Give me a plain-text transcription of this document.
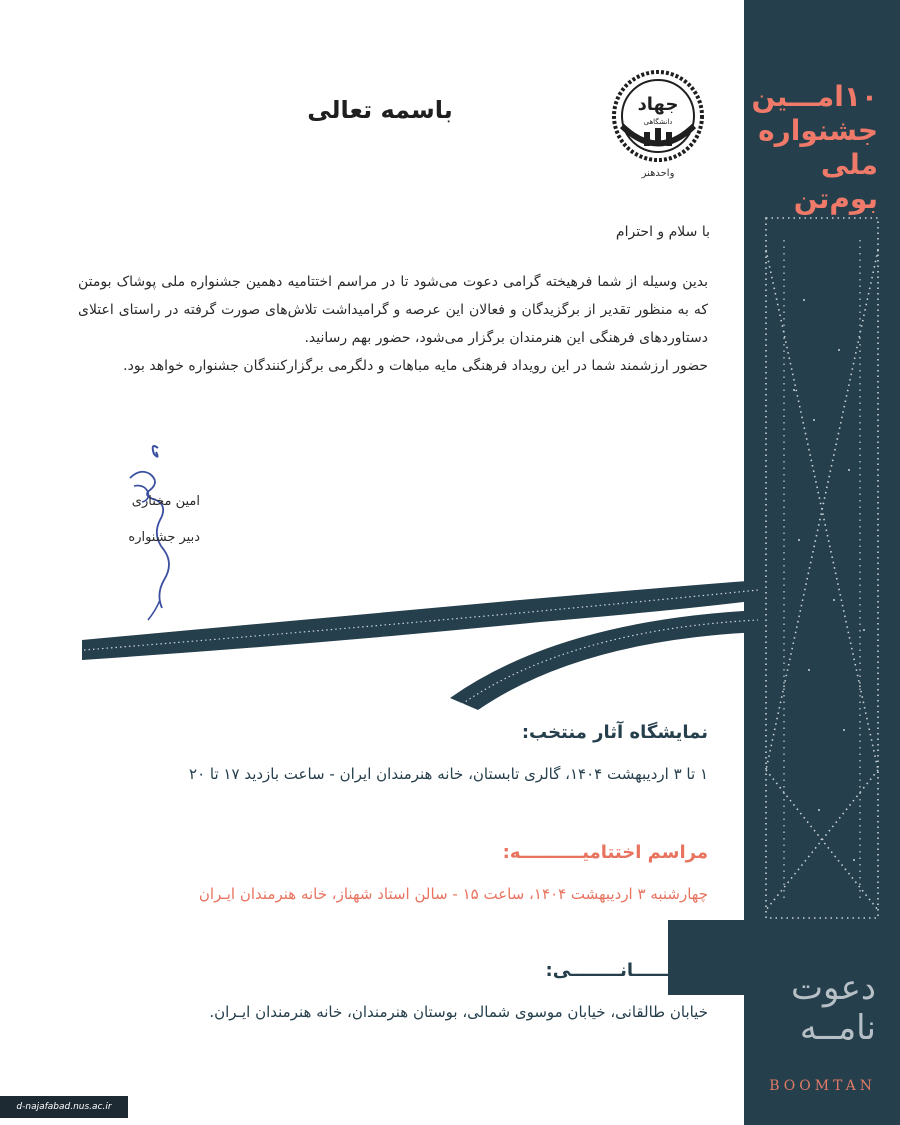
۱۰امـــین
جشنواره
ملی بوم‌تن
دعوت
نامــه
BOOMTAN
جهاد
دانشگاهی
واحدهنر
باسمه تعالی
با سلام و احترام

بدین وسیله از شما فرهیخته گرامی دعوت می‌شود تا در مراسم اختتامیه دهمین جشنواره ملی پوشاک بومتن که به منظور تقدیر از برگزیدگان و فعالان این عرصه و گرامیداشت تلاش‌های صورت گرفته در راستای اعتلای دستاوردهای فرهنگی این هنرمندان برگزار می‌شود، حضور بهم رسانید.

حضور ارزشمند شما در این رویداد فرهنگی مایه مباهات و دلگرمی برگزارکنندگان جشنواره خواهد بود.

امین مختاری
دبیر جشنواره
نمایشگاه آثار منتخب:
۱ تا ۳ اردیبهشت ۱۴۰۴، گالری تابستان، خانه هنرمندان ایران - ساعت بازدید ۱۷ تا ۲۰
مراسم اختتامیــــــــــه:
چهارشنبه ۳ اردیبهشت ۱۴۰۴، ساعت ۱۵ - سالن استاد شهناز، خانه هنرمندان ایـران
نشــــــــانــــــــی:
خیابان طالقانی، خیابان موسوی شمالی، بوستان هنرمندان، خانه هنرمندان ایـران.
d-najafabad.nus.ac.ir
